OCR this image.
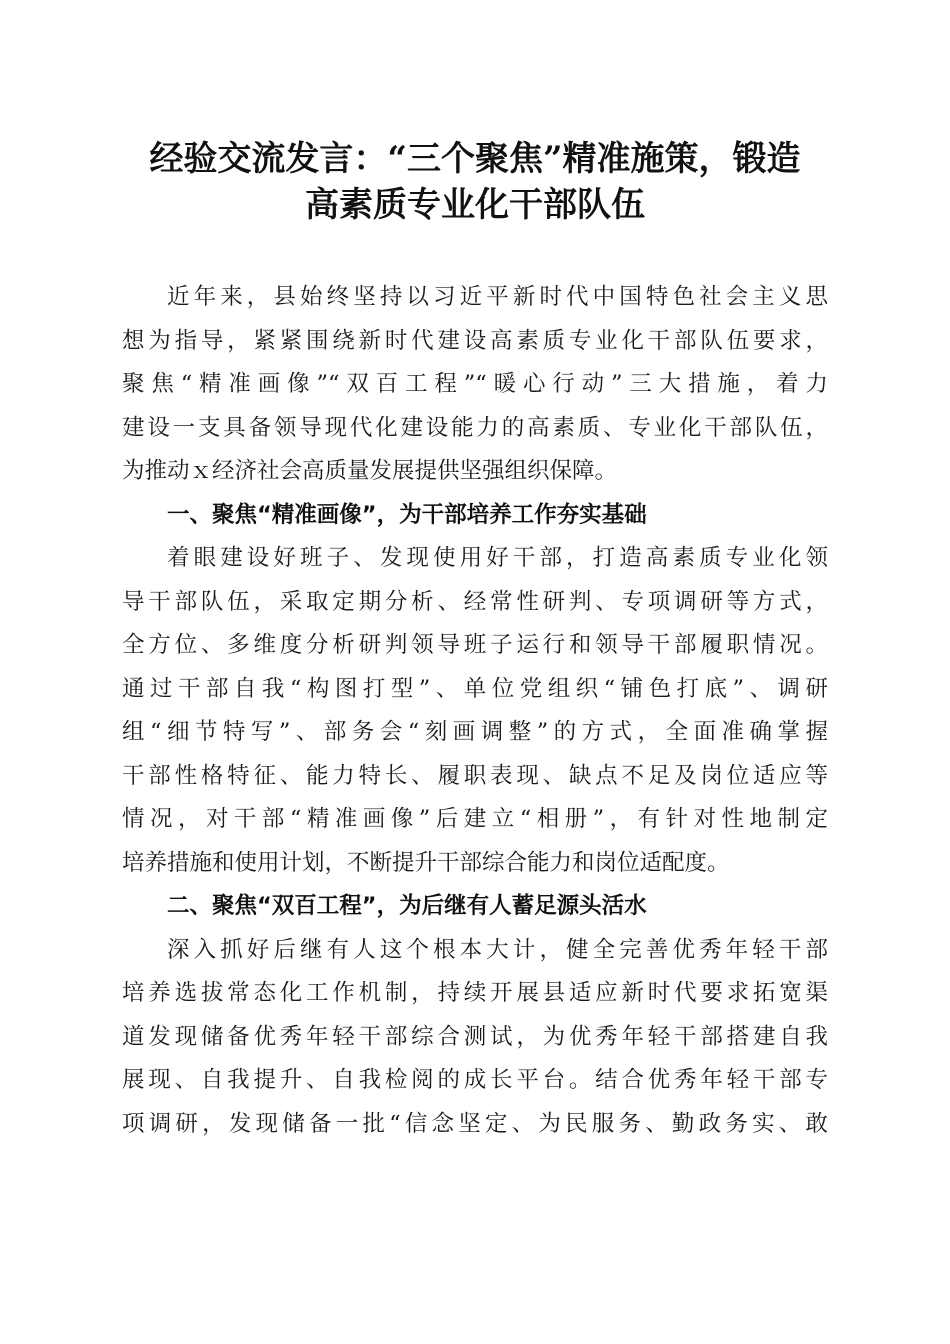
经验交流发言：“三个聚焦”精准施策，锻造
高素质专业化干部队伍

近年来，县始终坚持以习近平新时代中国特色社会主义思
想为指导，紧紧围绕新时代建设高素质专业化干部队伍要求，
聚焦“精准画像”“双百工程”“暖心行动”三大措施，着力
建设一支具备领导现代化建设能力的高素质、专业化干部队伍，
为推动ｘ经济社会高质量发展提供坚强组织保障。

一、聚焦“精准画像”，为干部培养工作夯实基础

着眼建设好班子、发现使用好干部，打造高素质专业化领
导干部队伍，采取定期分析、经常性研判、专项调研等方式，
全方位、多维度分析研判领导班子运行和领导干部履职情况。
通过干部自我“构图打型”、单位党组织“铺色打底”、调研
组“细节特写”、部务会“刻画调整”的方式，全面准确掌握
干部性格特征、能力特长、履职表现、缺点不足及岗位适应等
情况，对干部“精准画像”后建立“相册”，有针对性地制定
培养措施和使用计划，不断提升干部综合能力和岗位适配度。

二、聚焦“双百工程”，为后继有人蓄足源头活水

深入抓好后继有人这个根本大计，健全完善优秀年轻干部
培养选拔常态化工作机制，持续开展县适应新时代要求拓宽渠
道发现储备优秀年轻干部综合测试，为优秀年轻干部搭建自我
展现、自我提升、自我检阅的成长平台。结合优秀年轻干部专
项调研，发现储备一批“信念坚定、为民服务、勤政务实、敢
